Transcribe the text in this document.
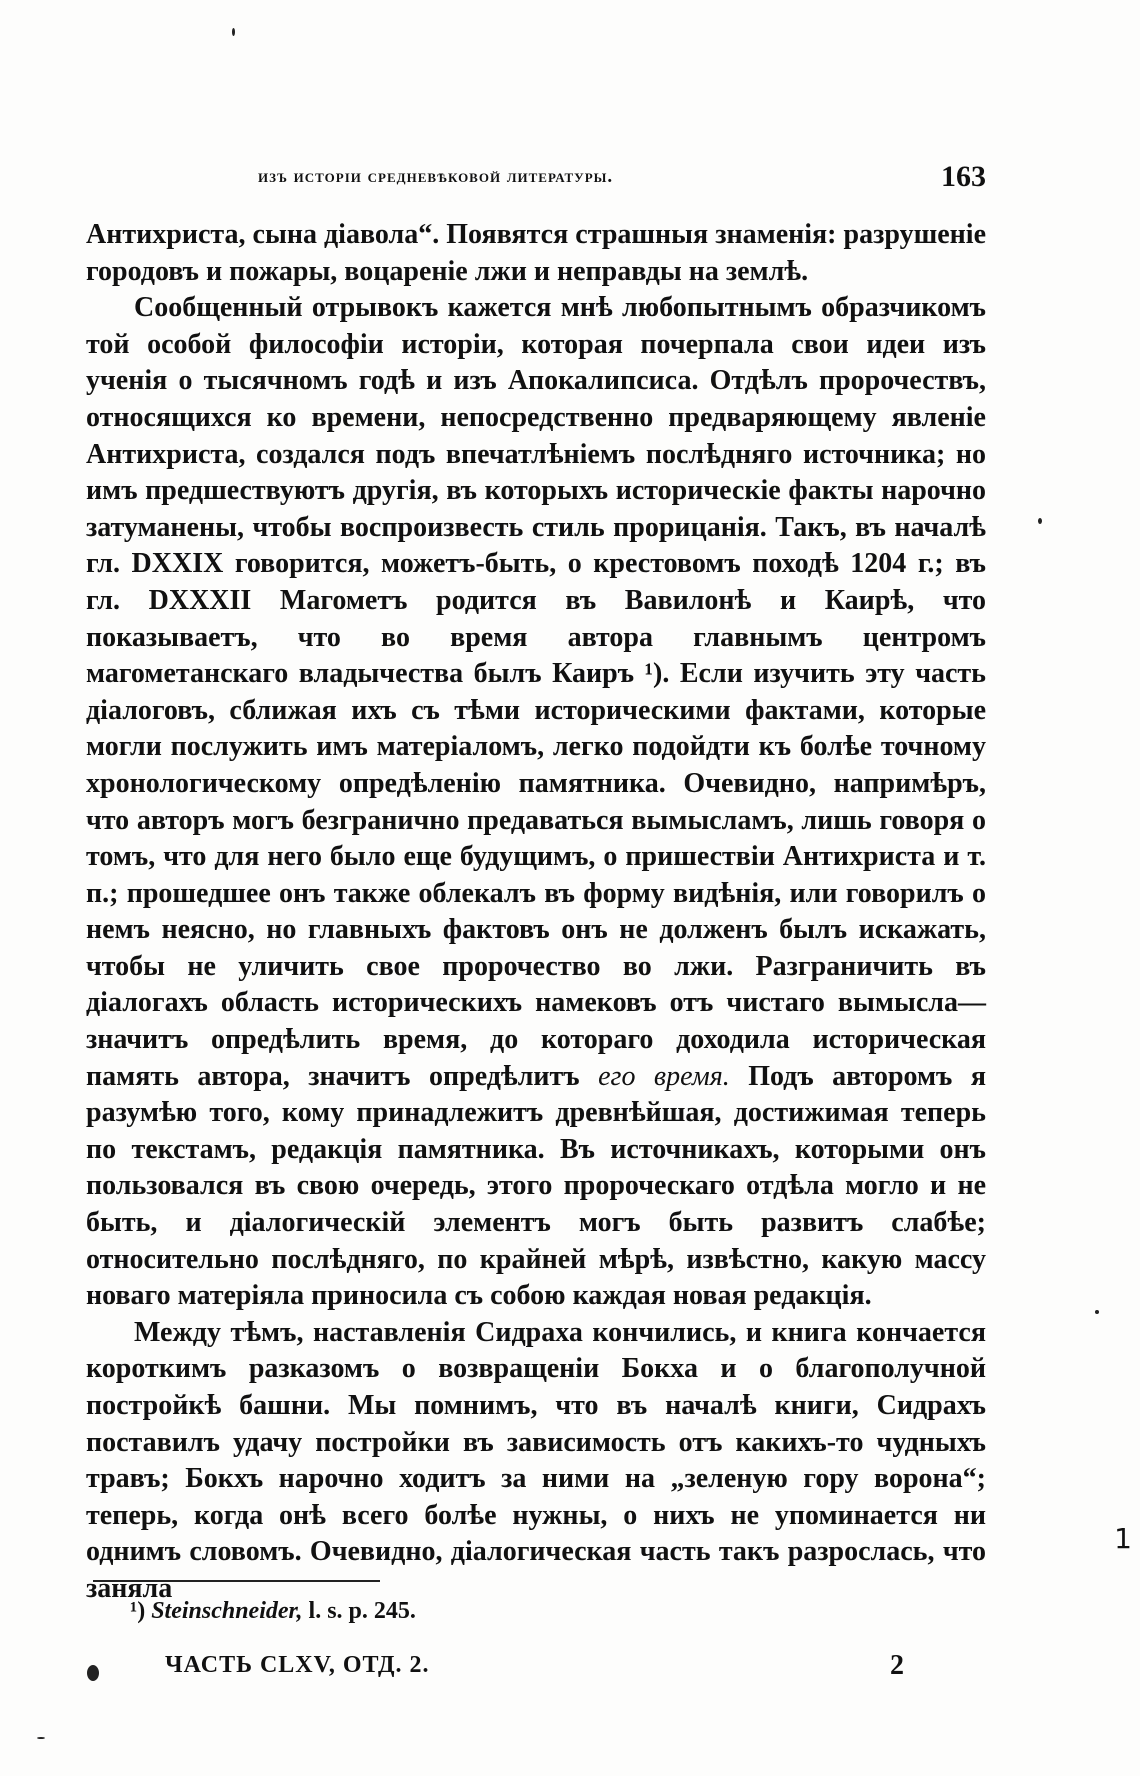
изъ исторіи средневѣковой литературы.	163

Антихриста, сына діавола“. Появятся страшныя знаменія: разрушеніе городовъ и пожары, воцареніе лжи и неправды на землѣ.

Сообщенный отрывокъ кажется мнѣ любопытнымъ образчикомъ той особой философіи исторіи, которая почерпала свои идеи изъ ученія о тысячномъ годѣ и изъ Апокалипсиса. Отдѣлъ пророчествъ, относящихся ко времени, непосредственно предваряющему явленіе Антихриста, создался подъ впечатлѣніемъ послѣдняго источника; но имъ предшествуютъ другія, въ которыхъ историческіе факты нарочно затуманены, чтобы воспроизвесть стиль прорицанія. Такъ, въ началѣ гл. DXXIX говорится, можетъ-быть, о крестовомъ походѣ 1204 г.; въ гл. DXXXII Магометъ родится въ Вавилонѣ и Каирѣ, что показываетъ, что во время автора главнымъ центромъ магометанскаго владычества былъ Каиръ ¹). Если изучить эту часть діалоговъ, сближая ихъ съ тѣми историческими фактами, которые могли послужить имъ матеріаломъ, легко подойдти къ болѣе точному хронологическому опредѣленію памятника. Очевидно, напримѣръ, что авторъ могъ безгранично предаваться вымысламъ, лишь говоря о томъ, что для него было еще будущимъ, о пришествіи Антихриста и т. п.; прошедшее онъ также облекалъ въ форму видѣнія, или говорилъ о немъ неясно, но главныхъ фактовъ онъ не долженъ былъ искажать, чтобы не уличить свое пророчество во лжи. Разграничить въ діалогахъ область историческихъ намековъ отъ чистаго вымысла—значитъ опредѣлить время, до котораго доходила историческая память автора, значитъ опредѣлитъ его время. Подъ авторомъ я разумѣю того, кому принадлежитъ древнѣйшая, достижимая теперь по текстамъ, редакція памятника. Въ источникахъ, которыми онъ пользовался въ свою очередь, этого пророческаго отдѣла могло и не быть, и діалогическій элементъ могъ быть развитъ слабѣе; относительно послѣдняго, по крайней мѣрѣ, извѣстно, какую массу новаго матеріяла приносила съ собою каждая новая редакція.

Между тѣмъ, наставленія Сидраха кончились, и книга кончается короткимъ разказомъ о возвращеніи Бокха и о благополучной постройкѣ башни. Мы помнимъ, что въ началѣ книги, Сидрахъ поставилъ удачу постройки въ зависимость отъ какихъ-то чудныхъ травъ; Бокхъ нарочно ходитъ за ними на „зеленую гору ворона“; теперь, когда онѣ всего болѣе нужны, о нихъ не упоминается ни однимъ словомъ. Очевидно, діалогическая часть такъ разрослась, что заняла

¹) Steinschneider, l. s. p. 245.
ЧАСТЬ CLXV, ОТД. 2.	2
1
